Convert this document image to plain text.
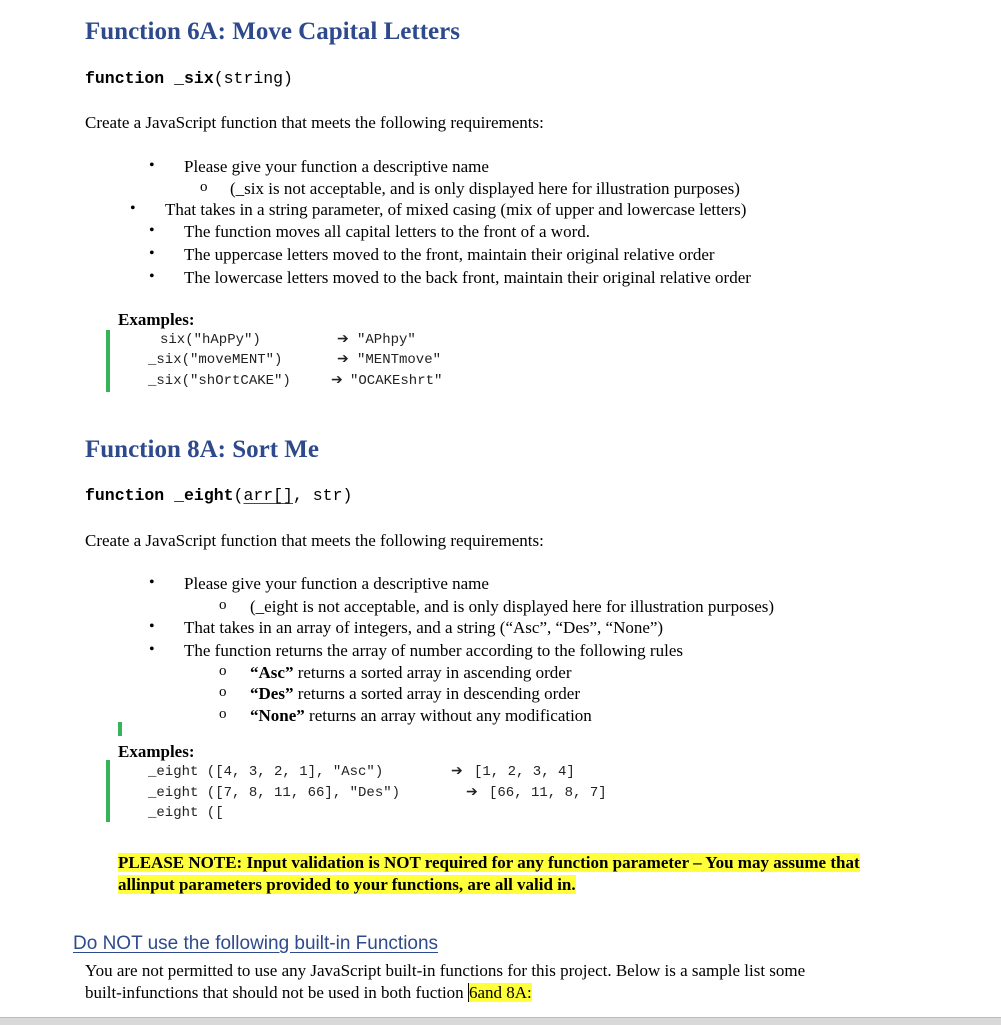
Function 6A: Move Capital Letters
function _six(string)
Create a JavaScript function that meets the following requirements:
• Please give your function a descriptive name
o (_six is not acceptable, and is only displayed here for illustration purposes)
• That takes in a string parameter, of mixed casing (mix of upper and lowercase letters)
• The function moves all capital letters to the front of a word.
• The uppercase letters moved to the front, maintain their original relative order
• The lowercase letters moved to the back front, maintain their original relative order
Examples:
six("hApPy")	➔ "APhpy"
_six("moveMENT")	➔ "MENTmove"
_six("shOrtCAKE")	➔ "OCAKEshrt"
Function 8A: Sort Me
function _eight(arr[], str)
Create a JavaScript function that meets the following requirements:
• Please give your function a descriptive name
o (_eight is not acceptable, and is only displayed here for illustration purposes)
• That takes in an array of integers, and a string (“Asc”, “Des”, “None”)
• The function returns the array of number according to the following rules
o “Asc” returns a sorted array in ascending order
o “Des” returns a sorted array in descending order
o “None” returns an array without any modification
Examples:
_eight ([4, 3, 2, 1], "Asc")	➔ [1, 2, 3, 4]
_eight ([7, 8, 11, 66], "Des")	➔ [66, 11, 8, 7]
_eight ([
PLEASE NOTE: Input validation is NOT required for any function parameter – You may assume that
allinput parameters provided to your functions, are all valid in.
Do NOT use the following built-in Functions
You are not permitted to use any JavaScript built-in functions for this project. Below is a sample list some
built-infunctions that should not be used in both fuction 6and 8A:
